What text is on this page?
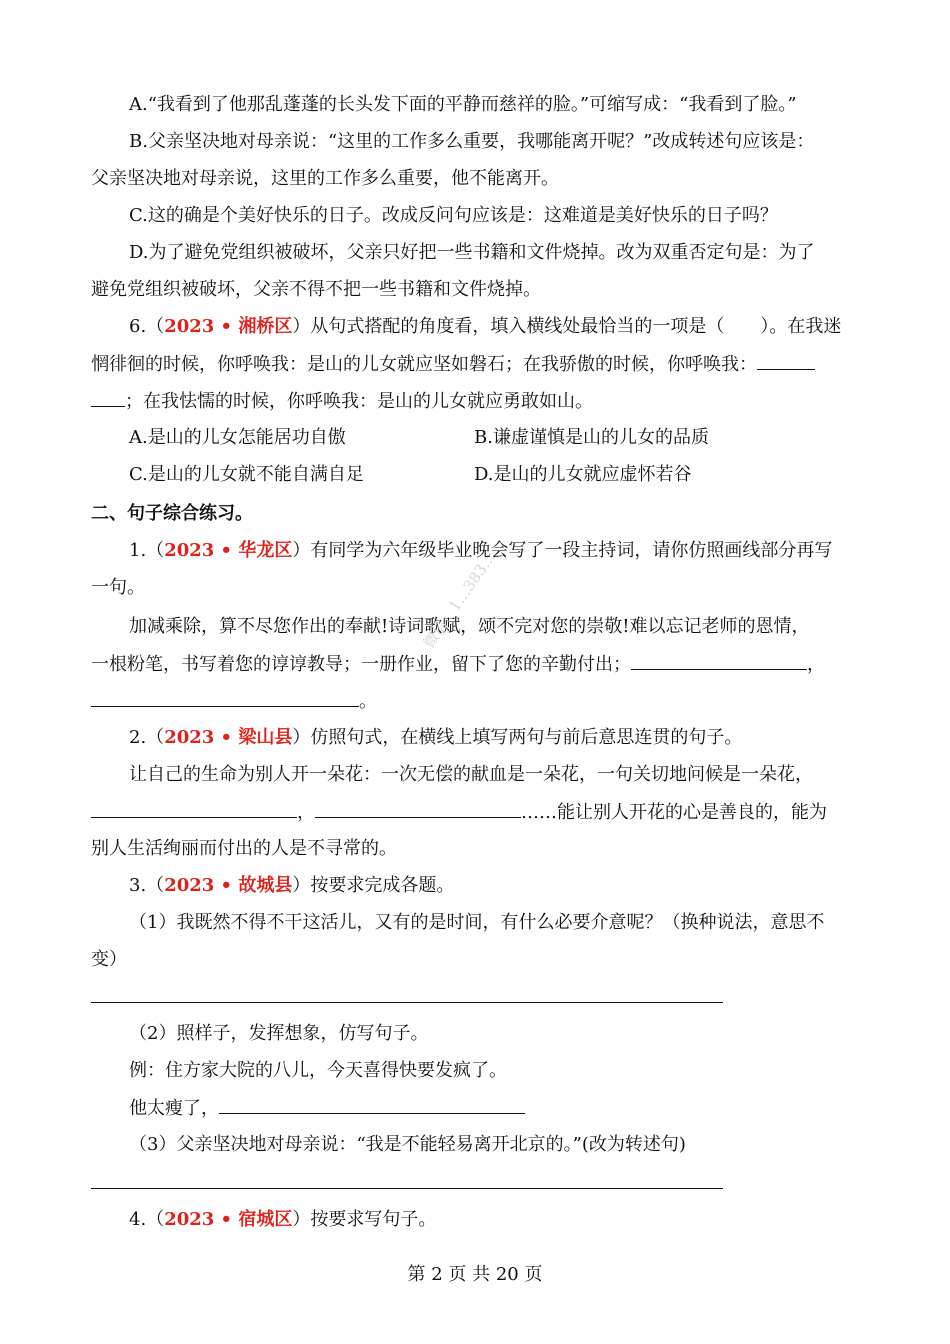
A.“我看到了他那乱蓬蓬的长头发下面的平静而慈祥的脸。”可缩写成：“我看到了脸。”
B.父亲坚决地对母亲说：“这里的工作多么重要，我哪能离开呢？”改成转述句应该是：
父亲坚决地对母亲说，这里的工作多么重要，他不能离开。
C.这的确是个美好快乐的日子。改成反问句应该是：这难道是美好快乐的日子吗？
D.为了避免党组织被破坏，父亲只好把一些书籍和文件烧掉。改为双重否定句是：为了
避免党组织被破坏，父亲不得不把一些书籍和文件烧掉。
6.（2023 • 湘桥区）从句式搭配的角度看，填入横线处最恰当的一项是（　　）。在我迷
惘徘徊的时候，你呼唤我：是山的儿女就应坚如磐石；在我骄傲的时候，你呼唤我：
；在我怯懦的时候，你呼唤我：是山的儿女就应勇敢如山。
A.是山的儿女怎能居功自傲	B.谦虚谨慎是山的儿女的品质
C.是山的儿女就不能自满自足	D.是山的儿女就应虚怀若谷
二、句子综合练习。
1.（2023 • 华龙区）有同学为六年级毕业晚会写了一段主持词，请你仿照画线部分再写
一句。
加减乘除，算不尽您作出的奉献!诗词歌赋，颂不完对您的崇敬!难以忘记老师的恩情，
一根粉笔，书写着您的谆谆教导；一册作业，留下了您的辛勤付出；	，
。
2.（2023 • 梁山县）仿照句式，在横线上填写两句与前后意思连贯的句子。
让自己的生命为别人开一朵花：一次无偿的献血是一朵花，一句关切地问候是一朵花，
，	……能让别人开花的心是善良的，能为
别人生活绚丽而付出的人是不寻常的。
3.（2023 • 故城县）按要求完成各题。
（1）我既然不得不干这活儿，又有的是时间，有什么必要介意呢？（换种说法，意思不
变）
（2）照样子，发挥想象，仿写句子。
例：住方家大院的八儿，今天喜得快要发疯了。
他太瘦了，
（3）父亲坚决地对母亲说：“我是不能轻易离开北京的。”(改为转述句)
4.（2023 • 宿城区）按要求写句子。
微信：1…383…
第 2 页 共 20 页
